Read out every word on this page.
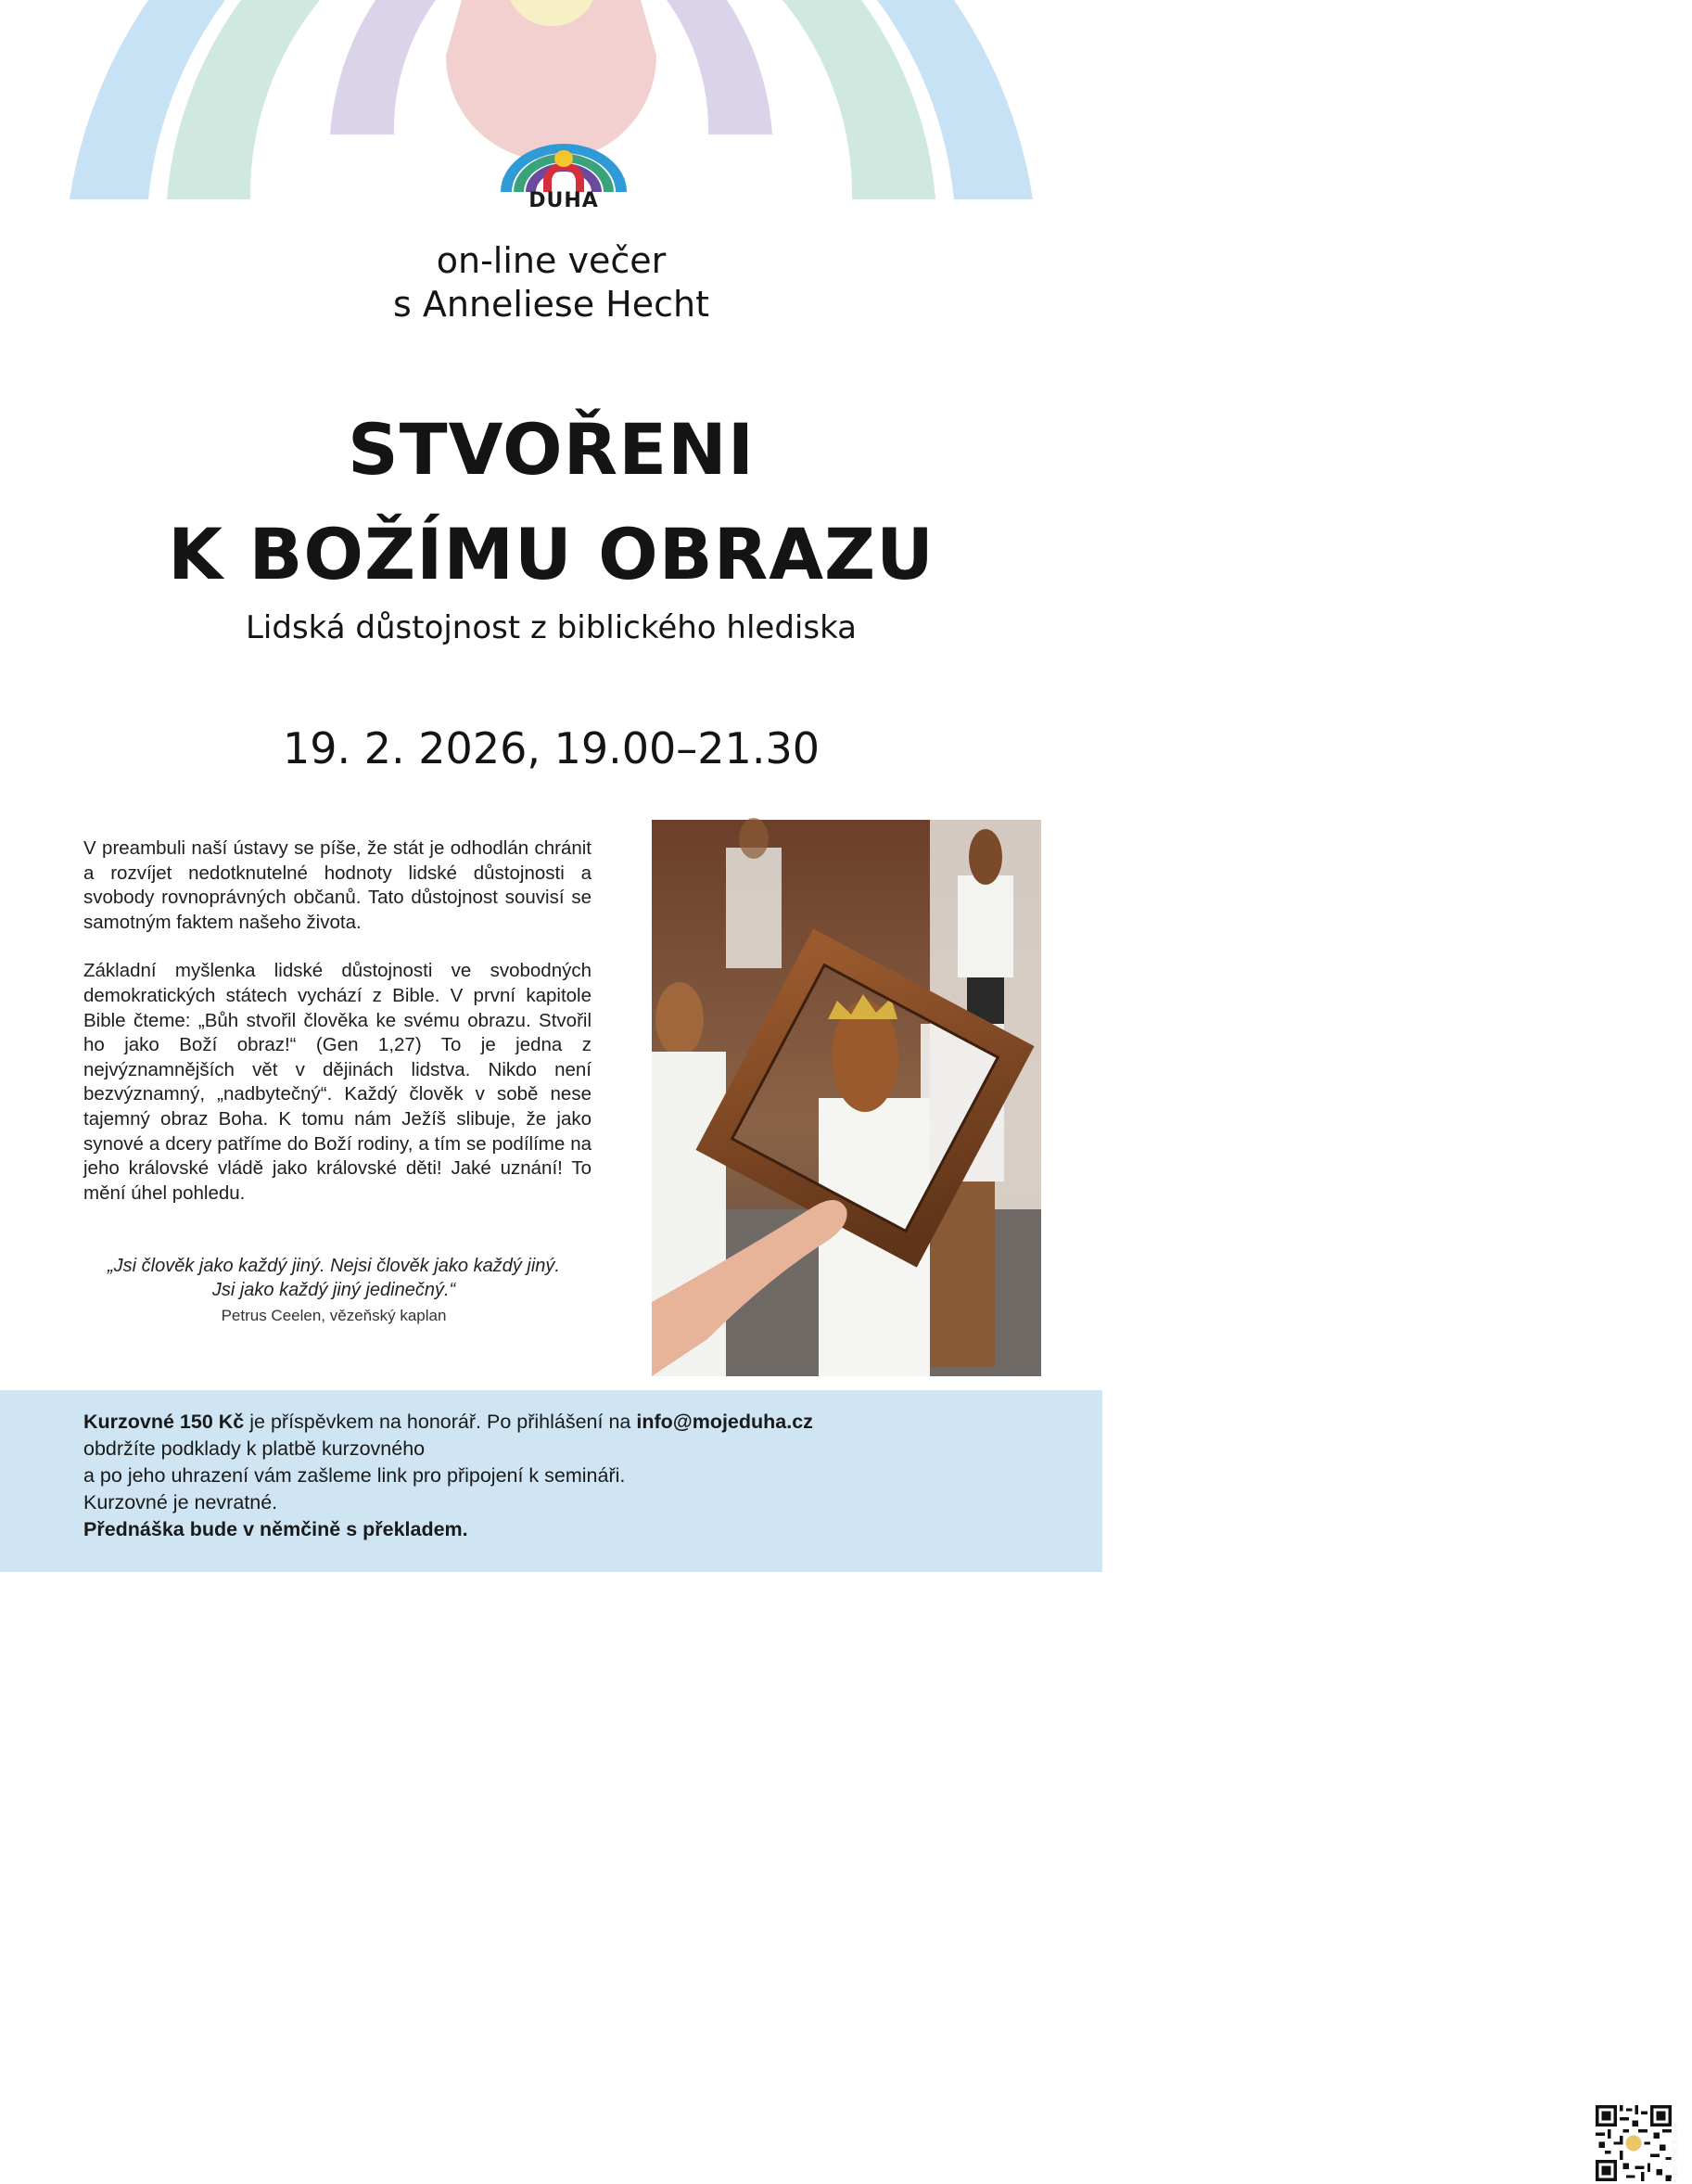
DUHA
on-line večer
s Anneliese Hecht
STVOŘENI
K BOŽÍMU OBRAZU
Lidská důstojnost z biblického hlediska
19. 2. 2026, 19.00–21.30

V preambuli naší ústavy se píše, že stát je odhodlán chránit a rozvíjet nedotknutelné hodnoty lidské důstojnosti a svobody rovnoprávných občanů. Tato důstojnost souvisí se samotným faktem našeho života.

Základní myšlenka lidské důstojnosti ve svobodných demokratických státech vychází z Bible. V první kapitole Bible čteme: „Bůh stvořil člověka ke svému obrazu. Stvořil ho jako Boží obraz!“ (Gen 1,27) To je jedna z nejvýznamnějších vět v dějinách lidstva. Nikdo není bezvýznamný, „nadbytečný“. Každý člověk v sobě nese tajemný obraz Boha. K tomu nám Ježíš slibuje, že jako synové a dcery patříme do Boží rodiny, a tím se podílíme na jeho královské vládě jako královské děti! Jaké uznání! To mění úhel pohledu.

„Jsi člověk jako každý jiný. Nejsi člověk jako každý jiný.
Jsi jako každý jiný jedinečný.“
Petrus Ceelen, vězeňský kaplan
Foto: Petr Kuník
Kurzovné 150 Kč je příspěvkem na honorář. Po přihlášení na info@mojeduha.cz
obdržíte podklady k platbě kurzovného
a po jeho uhrazení vám zašleme link pro připojení k semináři.
Kurzovné je nevratné.
Přednáška bude v němčině s překladem.
